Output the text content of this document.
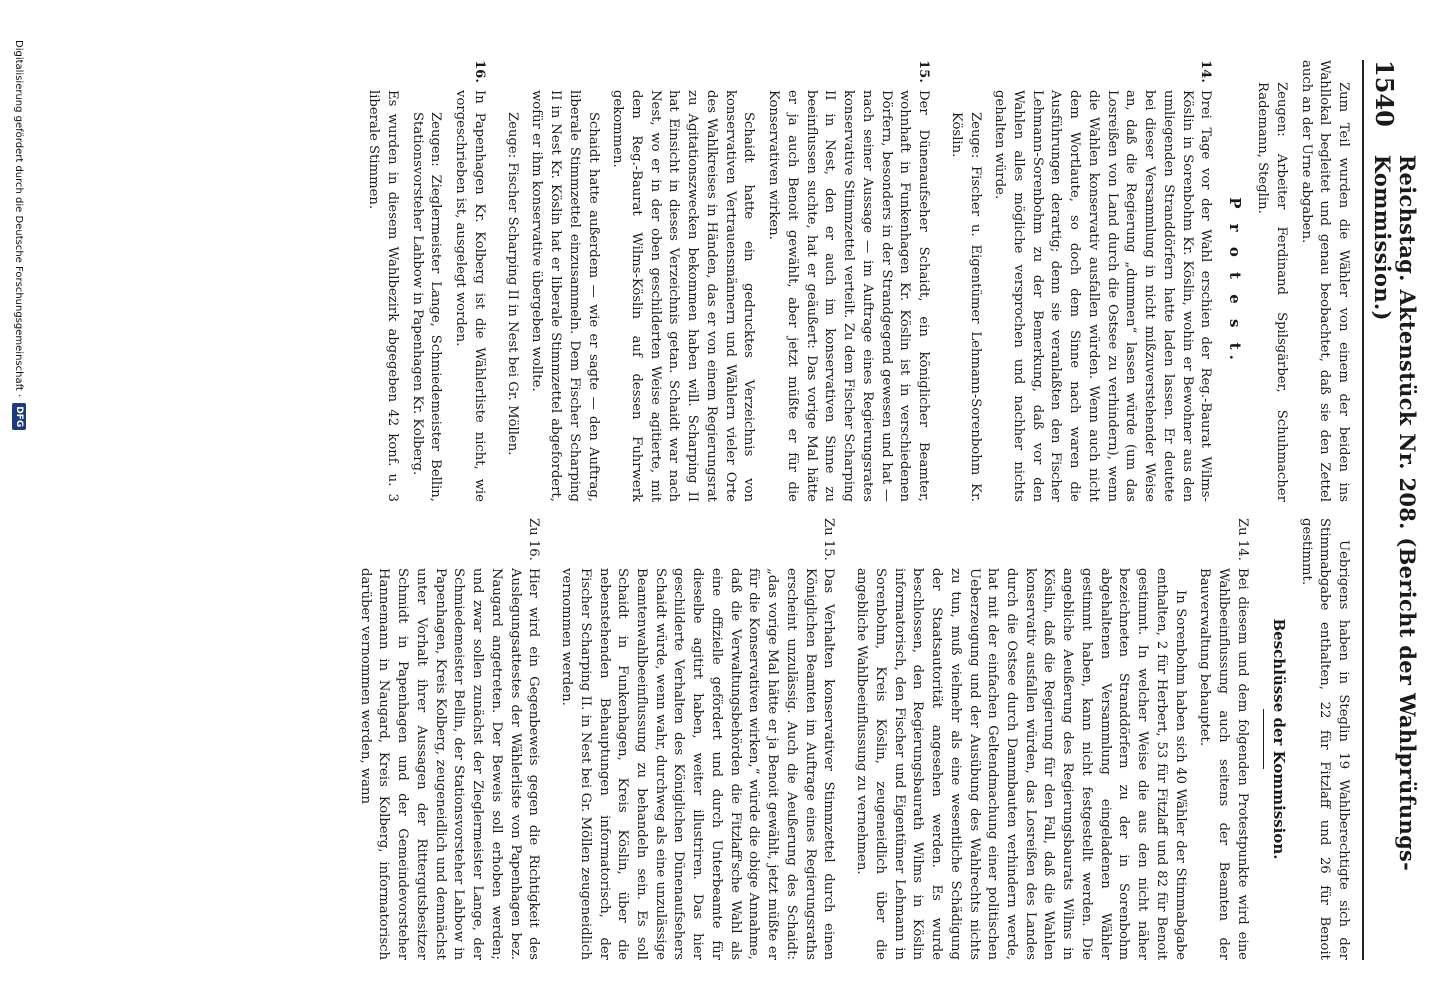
1540
Reichstag. Aktenstück Nr. 208. (Bericht der Wahlprüfungs-Kommission.)

Zum Teil wurden die Wähler von einem der beiden ins Wahllokal begleitet und genau beobachtet, daß sie den Zettel auch an der Urne abgaben.

Zeugen: Arbeiter Ferdinand Spilsgärber, Schuhmacher Rademann, Steglin.

P r o t e s t.
14.

Drei Tage vor der Wahl erschien der Reg.-Baurat Wilms-Köslin in Sorenbohm Kr. Köslin, wohin er Bewohner aus den umliegenden Stranddörfern hatte laden lassen. Er deutete bei dieser Versammlung in nicht mißzuverstehender Weise an, daß die Regierung „dummen“ lassen würde (um das Losreißen von Land durch die Ostsee zu verhindern), wenn die Wahlen konservativ ausfallen würden. Wenn auch nicht dem Wortlaute, so doch dem Sinne nach waren die Ausführungen derartig; denn sie veranlaßten den Fischer Lehmann-Sorenbohm zu der Bemerkung, daß vor den Wahlen alles mögliche versprochen und nachher nichts gehalten würde.

Zeuge: Fischer u. Eigentümer Lehmann-Sorenbohm Kr. Köslin.

15.

Der Dünenaufseher Schaidt, ein königlicher Beamter, wohnhaft in Funkenhagen Kr. Köslin ist in verschiedenen Dörfern, besonders in der Strandgegend gewesen und hat — nach seiner Aussage — im Auftrage eines Regierungsrates konservative Stimmzettel verteilt. Zu dem Fischer Scharping II in Nest, den er auch im konservativen Sinne zu beeinflussen suchte, hat er geäußert: Das vorige Mal hätte er ja auch Benoit gewählt, aber jetzt müßte er für die Konservativen wirken.

Schaidt hatte ein gedrucktes Verzeichnis von konservativen Vertrauensmännern und Wählern vieler Orte des Wahlkreises in Händen, das er von einem Regierungsrat zu Agitationszwecken bekommen haben will. Scharping II hat Einsicht in dieses Verzeichnis getan. Schaidt war nach Nest, wo er in der oben geschilderten Weise agitierte, mit dem Reg.-Baurat Wilms-Köslin auf dessen Fuhrwerk gekommen.

Schaidt hatte außerdem — wie er sagte — den Auftrag, liberale Stimmzettel einzusammeln. Dem Fischer Scharping II in Nest Kr. Köslin hat er liberale Stimmzettel abgefordert, wofür er ihm konservative übergeben wollte.

Zeuge: Fischer Scharping II in Nest bei Gr. Möllen.

16.

In Papenhagen Kr. Kolberg ist die Wählerliste nicht, wie vorgeschrieben ist, ausgelegt worden.

Zeugen: Zieglermeister Lange, Schmiedemeister Bellin, Stationsvorsteher Lahbow in Papenhagen Kr. Kolberg.

Es wurden in diesem Wahlbezirk abgegeben 42 konf. u. 3 liberale Stimmen.

Uebrigens haben in Steglin 19 Wahlberechtigte sich der Stimmabgabe enthalten, 22 für Fitzlaff und 26 für Benoit gestimmt.

Beschlüsse der Kommission.
Zu 14.

Bei diesem und dem folgenden Protestpunkte wird eine Wahlbeeinflussung auch seitens der Beamten der Bauverwaltung behauptet.

In Sorenbohm haben sich 40 Wähler der Stimmabgabe enthalten, 2 für Herbert, 53 für Fitzlaff und 82 für Benoit gestimmt. In welcher Weise die aus den nicht näher bezeichneten Stranddörfern zu der in Sorenbohm abgehaltenen Versammlung eingeladenen Wähler gestimmt haben, kann nicht festgestellt werden. Die angebliche Aeußerung des Regierungsbaurats Wilms in Köslin, daß die Regierung für den Fall, daß die Wahlen konservativ ausfallen würden, das Losreißen des Landes durch die Ostsee durch Dammbauten verhindern werde, hat mit der einfachen Geltendmachung einer politischen Ueberzeugung und der Ausübung des Wahlrechts nichts zu tun, muß vielmehr als eine wesentliche Schädigung der Staatsautorität angesehen werden. Es wurde beschlossen, den Regierungsbaurath Wilms in Köslin informatorisch, den Fischer und Eigentümer Lehmann in Sorenbohm, Kreis Köslin, zeugeneidlich über die angebliche Wahlbeeinflussung zu vernehmen.

Zu 15.

Das Verhalten konservativer Stimmzettel durch einen Königlichen Beamten im Auftrage eines Regierungsraths erscheint unzulässig. Auch die Aeußerung des Schaidt: „das vorige Mal hätte er ja Benoit gewählt, jetzt müßte er für die Konservativen wirken,“ würde die obige Annahme, daß die Verwaltungsbehörden die Fitzlaff'sche Wahl als eine offizielle gefördert und durch Unterbeamte für dieselbe agitirt haben, weiter illustriren. Das hier geschilderte Verhalten des Königlichen Dünenaufsehers Schaidt würde, wenn wahr, durchweg als eine unzulässige Beamtenwahlbeeinflussung zu behandeln sein. Es soll Schaidt in Funkenhagen, Kreis Köslin, über die nebenstehenden Behauptungen informatorisch, der Fischer Scharping II. in Nest bei Gr. Möllen zeugeneidlich vernommen werden.

Zu 16.

Hier wird ein Gegenbeweis gegen die Richtigkeit des Auslegungsattestes der Wählerliste von Papenhagen bez. Naugard angetreten. Der Beweis soll erhoben werden; und zwar sollen zunächst der Zieglermeister Lange, der Schmiedemeister Bellin, der Stationsvorsteher Lahbow in Papenhagen, Kreis Kolberg, zeugeneidlich und demnächst unter Vorhalt ihrer Aussagen der Rittergutsbesitzer Schmidt in Papenhagen und der Gemeindevorsteher Hannemann in Naugard, Kreis Kolberg, informatorisch darüber vernommen werden, wann

Digitalisierung gefördert durch die Deutsche Forschungsgemeinschaft ·
DFG
